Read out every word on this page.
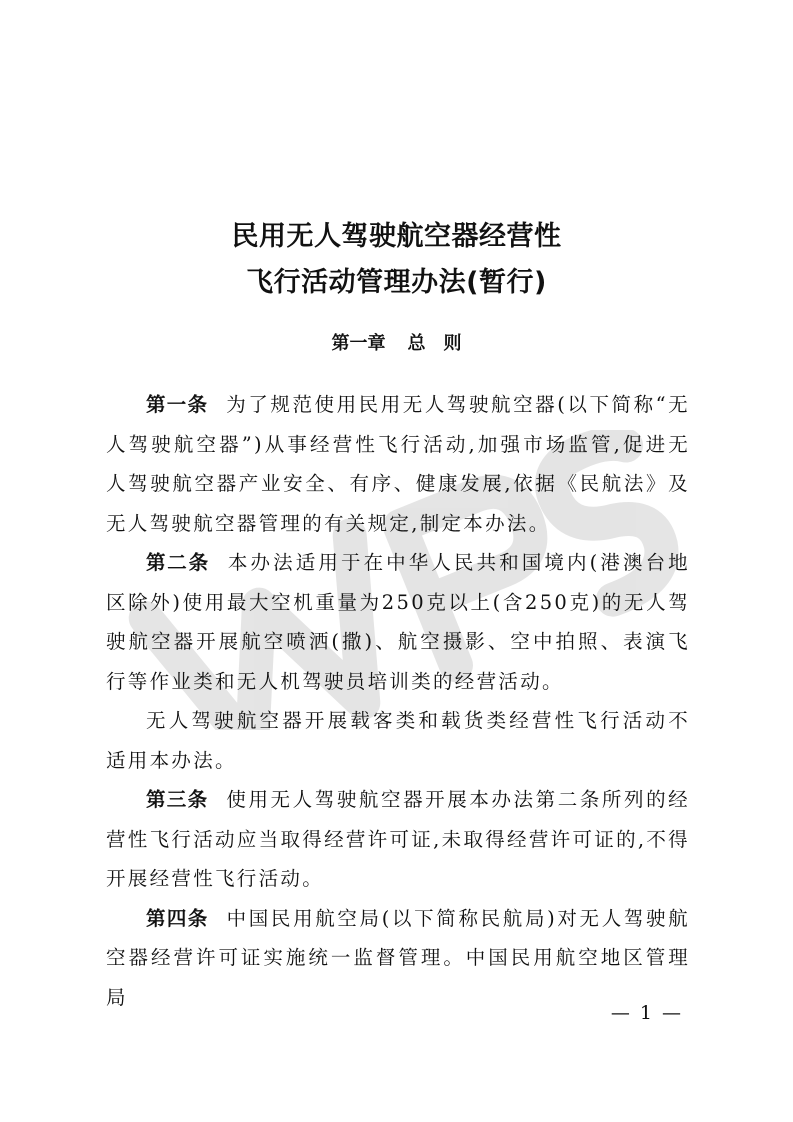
民用无人驾驶航空器经营性
飞行活动管理办法(暂行)
第一章 总　则

第一条 为了规范使用民用无人驾驶航空器(以下简称“无人驾驶航空器”)从事经营性飞行活动,加强市场监管,促进无人驾驶航空器产业安全、有序、健康发展,依据《民航法》及无人驾驶航空器管理的有关规定,制定本办法。

第二条 本办法适用于在中华人民共和国境内(港澳台地区除外)使用最大空机重量为250克以上(含250克)的无人驾驶航空器开展航空喷洒(撒)、航空摄影、空中拍照、表演飞行等作业类和无人机驾驶员培训类的经营活动。

无人驾驶航空器开展载客类和载货类经营性飞行活动不适用本办法。

第三条 使用无人驾驶航空器开展本办法第二条所列的经营性飞行活动应当取得经营许可证,未取得经营许可证的,不得开展经营性飞行活动。

第四条 中国民用航空局(以下简称民航局)对无人驾驶航空器经营许可证实施统一监督管理。中国民用航空地区管理局

— 1 —
